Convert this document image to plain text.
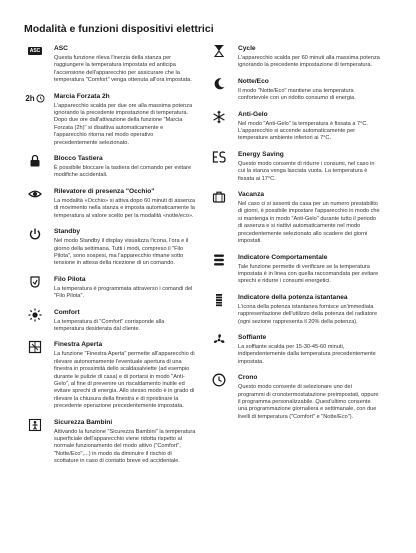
Modalità e funzioni dispositivi elettrici
ASC	ASC
Questa funzione rileva l'inerzia della stanza per raggiungere la temperatura impostata ed anticipa l'accensione dell'apparecchio per assicurare che la temperatura "Comfort" venga ottenuta all'ora impostata.
2h	Marcia Forzata 2h
L'apparecchio scalda per due ore alla massima potenza ignorando la precedente impostazione di temperatura. Dopo due ore dall'attivazione della funzione "Marcia Forzata (2h)" si disattiva automaticamente e l'apparecchio ritorna nel modo operativo precedentemente selezionato.
Blocco Tastiera
È possibile bloccare la tastiera del comando per evitare modifiche accidentali.
Rilevatore di presenza "Occhio"
La modalità «Occhio» si attiva dopo 60 minuti di assenza di movimento nella stanza e imposta automaticamente la temperatura al valore scelto per la modalità «notte/eco».
Standby
Nel modo Standby il display visualizza l'icona, l'ora e il giorno della settimana. Tutti i modi, compreso il "Filo Pilota", sono sospesi, ma l'apparecchio rimane sotto tensione in attesa della ricezione di un comando.
Filo Pilota
La temperatura è programmata attraverso i comandi del "Filo Pilota".
Comfort
La temperatura di "Comfort" corrisponde alla temperatura desiderata dal cliente.
Finestra Aperta
La funzione "Finestra Aperta" permette all'apparecchio di rilevare autonomamente l'eventuale apertura di una finestra in prossimità dello scaldasalviette (ad esempio durante le pulizie di casa) e di portarsi in modo "Anti-Gelo", al fine di prevenire un riscaldamento inutile ed evitare sprechi di energia. Allo stesso modo è in grado di rilevare la chiusura della finestra e di ripristinare la precedente operazione precedentemente impostata.
Sicurezza Bambini
Attivando la funzione "Sicurezza Bambini" la temperatura superficiale dell'apparecchio viene ridotta rispetto al normale funzionamento del modo attivo ("Comfort", "Notte/Eco",...) in modo da diminuire il rischio di scottature in caso di contatto breve ed accidentale.
Cycle
L'apparecchio scalda per 60 minuti alla massima potenza ignorando la precedente impostazione di temperatura.
Notte/Eco
Il modo "Notte/Eco" mantiene una temperatura confortevole con un ridotto consumo di energia.
Anti-Gelo
Nel modo "Anti-Gelo" la temperatura è fissata a 7°C. L'apparecchio si accende automaticamente per temperature ambiente inferiori ai 7°C.
Energy Saving
Questo modo consente di ridurre i consumi, nel caso in cui la stanza venga lasciata vuota. La temperatura è fissata ai 17°C.
Vacanza
Nel caso ci si assenti da casa per un numero prestabilito di giorni, è possibile impostare l'apparecchio in modo che si mantenga in modo "Anti-Gelo" durante tutto il periodo di assenza e si riattivi automaticamente nel modo precedentemente selezionato allo scadere dei giorni impostati.
Indicatore Comportamentale
Tale funzione permette di verificare se la temperatura impostata è in linea con quella raccomandata per evitare sprechi e ridurre i consumi energetici.
Indicatore della potenza istantanea
L'icona della potenza istantanea fornisce un'immediata rappresentazione dell'utilizzo della potenza del radiatore (ogni sezione rappresenta il 20% della potenza).
Soffiante
La soffiante scalda per 15-30-45-60 minuti, indipendentemente dalla temperatura precedentemente impostata.
Crono
Questo modo consente di selezionare uno dei programmi di cronotermostatazione preimpostati, oppure il programma personalizzabile. Quest'ultimo consente una programmazione giornaliera e settimanale, con due livelli di temperatura ("Comfort" e "Notte/Eco").
